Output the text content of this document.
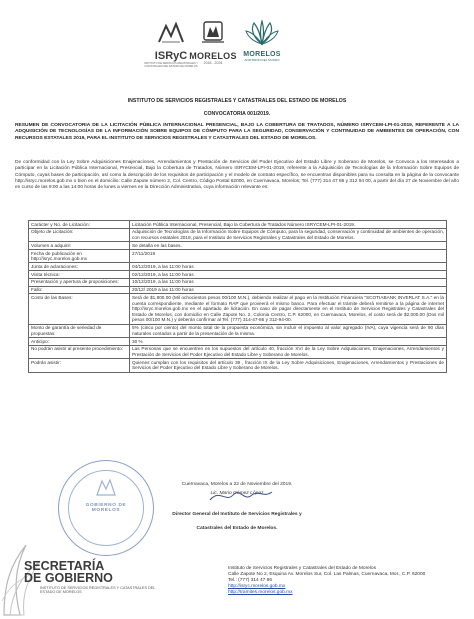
ISRyC
INSTITUTO DE SERVICIOS REGISTRALES Y CATASTRALES DEL ESTADO DE MORELOS
MORELOS
2018 - 2024
MORELOS
ANFITRIÓN DEL MUNDO
INSTITUTO DE SERVICIOS REGISTRALES Y CATASTRALES DEL ESTADO DE MORELOS
CONVOCATORIA 001/2019.
RESUMEN DE CONVOCATORIA DE LA LICITACIÓN PÚBLICA INTERNACIONAL PRESENCIAL, BAJO LA COBERTURA DE TRATADOS, NÚMERO ISRYCEM-LPI-01-2019, REFERENTE A LA ADQUISICIÓN DE TECNOLOGÍAS DE LA INFORMACIÓN SOBRE EQUIPOS DE CÓMPUTO PARA LA SEGURIDAD, CONSERVACIÓN Y CONTINUIDAD DE AMBIENTES DE OPERACIÓN, CON RECURSOS ESTATALES 2019, PARA EL INSTITUTO DE SERVICIOS REGISTRALES Y CATASTRALES DEL ESTADO DE MORELOS.
De conformidad con la Ley Sobre Adquisiciones Enajenaciones, Arrendamientos y Prestación de Servicios del Poder Ejecutivo del Estado Libre y Soberano de Morelos, se Convoca a los Interesados a participar en la Licitación Pública Internacional, Presencial, Bajo la Cobertura de Tratados, Número ISRYCEM-LPI-01-2019, referente a la Adquisición de Tecnologías de la Información Sobre Equipos de Cómputo, cuyas bases de participación, así como la descripción de los requisitos de participación y el modelo de contrato específico, se encuentran disponibles para su consulta en la página de la convocante http://isryc.morelos.gob.mx o bien en el domicilio: Calle Zapote número 2, Col. Centro, Código Postal 62000, en Cuernavaca, Morelos; Tel. (777) 314 47 86 y 312 94 00, a partir del día 27 de Noviembre del año en curso de las 9:00 a las 14:00 horas de lunes a viernes en la Dirección Administrativa, cuya información relevante es:
Carácter y No. de Licitación:	Licitación Pública Internacional, Presencial, Bajo la Cobertura de Tratados Número ISRYCEM-LPI-01-2019.
Objeto de Licitación:	Adquisición de Tecnologías de la Información Sobre Equipos de Cómputo, para la seguridad, conservación y continuidad de ambientes de operación, con recursos estatales 2019, para el Instituto de Servicios Registrales y Catastrales del Estado de Morelos.
Volumen a adquirir:	Se detalla en las bases.
Fecha de publicación en http://isryc.morelos.gob.mx	27/11/2019
Junta de aclaraciones:	04/12/2019, a las 11:00 horas
Visita técnica:	02/12/2019, a las 11:00 horas
Presentación y apertura de proposiciones:	10/12/2019, a las 11:00 horas
Fallo:	20/12/ 2019 a las 11:00 horas
Costo de las Bases:	Será de $1,800.00 (Mil ochocientos pesos 00/100 M.N.), debiendo realizar el pago en la Institución Financiera "SCOTIABANK INVERLAT S.A." en la cuenta correspondiente, mediante el formato RAP que proveerá el mismo banco. Para efectuar el trámite deberá remitirse a la página de internet http://isryc.morelos.gob.mx en el apartado de licitación. En caso de pagar directamente en el Instituto de Servicios Registrales y Catastrales del Estado de Morelos, con domicilio en Calle Zapote No. 2, Colonia Centro, C.P. 62000, en Cuernavaca, Morelos, el costo será de $2,000.00 (Dos mil pesos 00/100 M.N.) y deberán confirmar al Tel. (777) 314-47-86 y 312-94-00.
Monto de garantía de seriedad de propuestas:	5% (cinco por ciento) del monto total de la propuesta económica, sin incluir el impuesto al valor agregado (IVA), cuya vigencia será de 90 días naturales contados a partir de la presentación de la misma.
Anticipo:	30 %
No podrán asistir al presente procedimiento:	Las Personas que se encuentren en los supuestos del artículo 40, fracción XVI de la Ley Sobre Adquisiciones, Enajenaciones, Arrendamientos y Prestación de Servicios del Poder Ejecutivo del Estado Libre y Soberano de Morelos.
Podrán asistir:	Quienes cumplan con los requisitos del artículo 39 , fracción IX de la Ley Sobre Adquisiciones, Enajenaciones, Arrendamientos y Prestaciones de Servicios del Poder Ejecutivo del Estado Libre y Soberano de Morelos.
GOBIERNO DE MORELOS
Cuernavaca, Morelos a 22 de Noviembre del 2019.
Lic. Mario Gómez López
Director General del Instituto de Servicios Registrales y
Catastrales del Estado de Morelos.
SECRETARÍA
DE GOBIERNO
INSTITUTO DE SERVICIOS REGISTRALES Y CATASTRALES DEL ESTADO DE MORELOS
Instituto de Servicios Registrales y Catastrales del Estado de Morelos
Calle Zapote No 2, Esquina Av. Morelos Sur, Col. Las Palmas, Cuernavaca, Mor., C.P. 62000
Tel.: (777) 314 47 86
http://isryc.morelos.gob.mx
http://tramites.morelos.gob.mx
